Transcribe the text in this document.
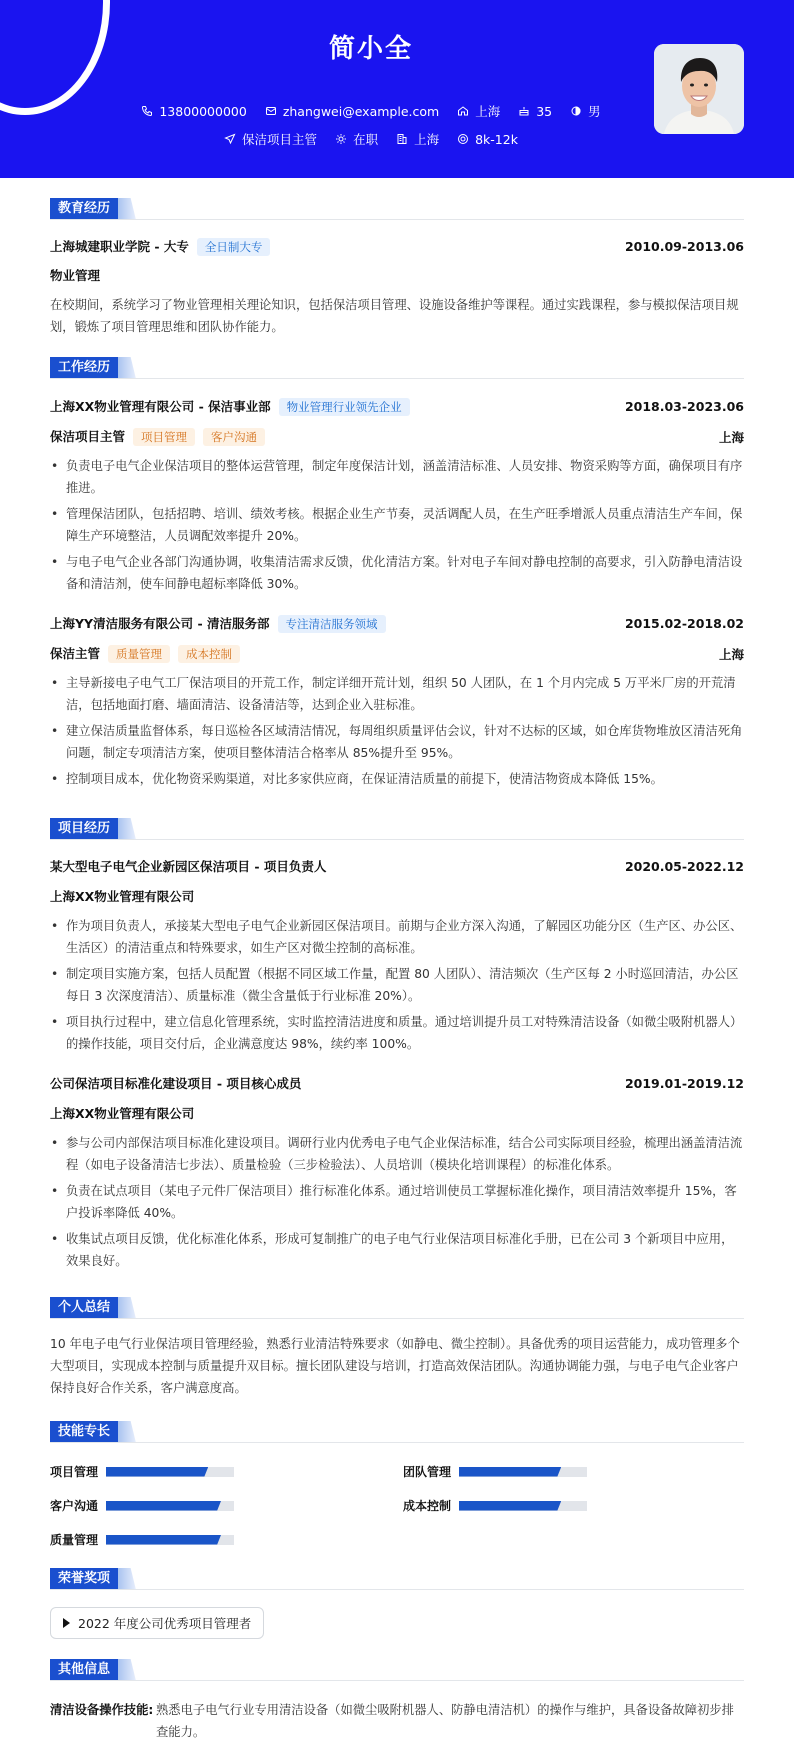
简小全
13800000000	zhangwei@example.com	上海	35	男
保洁项目主管	在职	上海	8k-12k
教育经历
上海城建职业学院 - 大专 全日制大专	2010.09-2013.06
物业管理
在校期间，系统学习了物业管理相关理论知识，包括保洁项目管理、设施设备维护等课程。通过实践课程，参与模拟保洁项目规划，锻炼了项目管理思维和团队协作能力。
工作经历
上海XX物业管理有限公司 - 保洁事业部 物业管理行业领先企业	2018.03-2023.06
保洁项目主管 项目管理 客户沟通	上海
• 负责电子电气企业保洁项目的整体运营管理，制定年度保洁计划，涵盖清洁标准、人员安排、物资采购等方面，确保项目有序推进。
• 管理保洁团队，包括招聘、培训、绩效考核。根据企业生产节奏，灵活调配人员，在生产旺季增派人员重点清洁生产车间，保障生产环境整洁，人员调配效率提升 20%。
• 与电子电气企业各部门沟通协调，收集清洁需求反馈，优化清洁方案。针对电子车间对静电控制的高要求，引入防静电清洁设备和清洁剂，使车间静电超标率降低 30%。
上海YY清洁服务有限公司 - 清洁服务部 专注清洁服务领域	2015.02-2018.02
保洁主管 质量管理 成本控制	上海
• 主导新接电子电气工厂保洁项目的开荒工作，制定详细开荒计划，组织 50 人团队，在 1 个月内完成 5 万平米厂房的开荒清洁，包括地面打磨、墙面清洁、设备清洁等，达到企业入驻标准。
• 建立保洁质量监督体系，每日巡检各区域清洁情况，每周组织质量评估会议，针对不达标的区域，如仓库货物堆放区清洁死角问题，制定专项清洁方案，使项目整体清洁合格率从 85%提升至 95%。
• 控制项目成本，优化物资采购渠道，对比多家供应商，在保证清洁质量的前提下，使清洁物资成本降低 15%。
项目经历
某大型电子电气企业新园区保洁项目 - 项目负责人	2020.05-2022.12
上海XX物业管理有限公司
• 作为项目负责人，承接某大型电子电气企业新园区保洁项目。前期与企业方深入沟通，了解园区功能分区（生产区、办公区、生活区）的清洁重点和特殊要求，如生产区对微尘控制的高标准。
• 制定项目实施方案，包括人员配置（根据不同区域工作量，配置 80 人团队）、清洁频次（生产区每 2 小时巡回清洁，办公区每日 3 次深度清洁）、质量标准（微尘含量低于行业标准 20%）。
• 项目执行过程中，建立信息化管理系统，实时监控清洁进度和质量。通过培训提升员工对特殊清洁设备（如微尘吸附机器人）的操作技能，项目交付后，企业满意度达 98%，续约率 100%。
公司保洁项目标准化建设项目 - 项目核心成员	2019.01-2019.12
上海XX物业管理有限公司
• 参与公司内部保洁项目标准化建设项目。调研行业内优秀电子电气企业保洁标准，结合公司实际项目经验，梳理出涵盖清洁流程（如电子设备清洁七步法）、质量检验（三步检验法）、人员培训（模块化培训课程）的标准化体系。
• 负责在试点项目（某电子元件厂保洁项目）推行标准化体系。通过培训使员工掌握标准化操作，项目清洁效率提升 15%，客户投诉率降低 40%。
• 收集试点项目反馈，优化标准化体系，形成可复制推广的电子电气行业保洁项目标准化手册，已在公司 3 个新项目中应用，效果良好。
个人总结
10 年电子电气行业保洁项目管理经验，熟悉行业清洁特殊要求（如静电、微尘控制）。具备优秀的项目运营能力，成功管理多个大型项目，实现成本控制与质量提升双目标。擅长团队建设与培训，打造高效保洁团队。沟通协调能力强，与电子电气企业客户保持良好合作关系，客户满意度高。
技能专长
项目管理	团队管理
客户沟通	成本控制
质量管理
荣誉奖项
2022 年度公司优秀项目管理者
其他信息
清洁设备操作技能: 熟悉电子电气行业专用清洁设备（如微尘吸附机器人、防静电清洁机）的操作与维护，具备设备故障初步排查能力。
